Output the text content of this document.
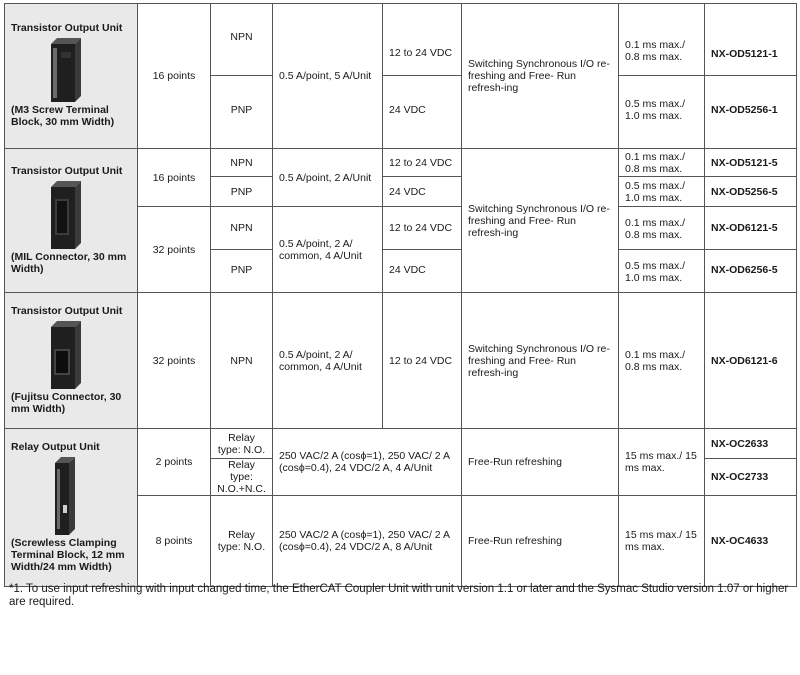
Transistor Output Unit
(M3 Screw Terminal Block, 30 mm Width)	16 points	NPN	0.5 A/point, 5 A/Unit	12 to 24 VDC	Switching Synchronous I/O re-freshing and Free- Run refresh-ing	0.1 ms max./ 0.8 ms max.	NX-OD5121-1
		PNP		24 VDC		0.5 ms max./ 1.0 ms max.	NX-OD5256-1

Transistor Output Unit
(MIL Connector, 30 mm Width)	16 points	NPN	0.5 A/point, 2 A/Unit	12 to 24 VDC	Switching Synchronous I/O re-freshing and Free- Run refresh-ing	0.1 ms max./ 0.8 ms max.	NX-OD5121-5
		PNP		24 VDC		0.5 ms max./ 1.0 ms max.	NX-OD5256-5
	32 points	NPN	0.5 A/point, 2 A/ common, 4 A/Unit	12 to 24 VDC		0.1 ms max./ 0.8 ms max.	NX-OD6121-5
		PNP		24 VDC		0.5 ms max./ 1.0 ms max.	NX-OD6256-5

Transistor Output Unit
(Fujitsu Connector, 30 mm Width)	32 points	NPN	0.5 A/point, 2 A/ common, 4 A/Unit	12 to 24 VDC	Switching Synchronous I/O re-freshing and Free- Run refresh-ing	0.1 ms max./ 0.8 ms max.	NX-OD6121-6

Relay Output Unit
(Screwless Clamping Terminal Block, 12 mm Width/24 mm Width)	2 points	Relay type: N.O.	250 VAC/2 A (cosϕ=1), 250 VAC/ 2 A (cosϕ=0.4), 24 VDC/2 A, 4 A/Unit		Free-Run refreshing	15 ms max./ 15 ms max.	NX-OC2633
		Relay type: N.O.+N.C.					NX-OC2733
	8 points	Relay type: N.O.	250 VAC/2 A (cosϕ=1), 250 VAC/ 2 A (cosϕ=0.4), 24 VDC/2 A, 8 A/Unit		Free-Run refreshing	15 ms max./ 15 ms max.	NX-OC4633
*1. To use input refreshing with input changed time, the EtherCAT Coupler Unit with unit version 1.1 or later and the Sysmac Studio version 1.07 or higher are required.
